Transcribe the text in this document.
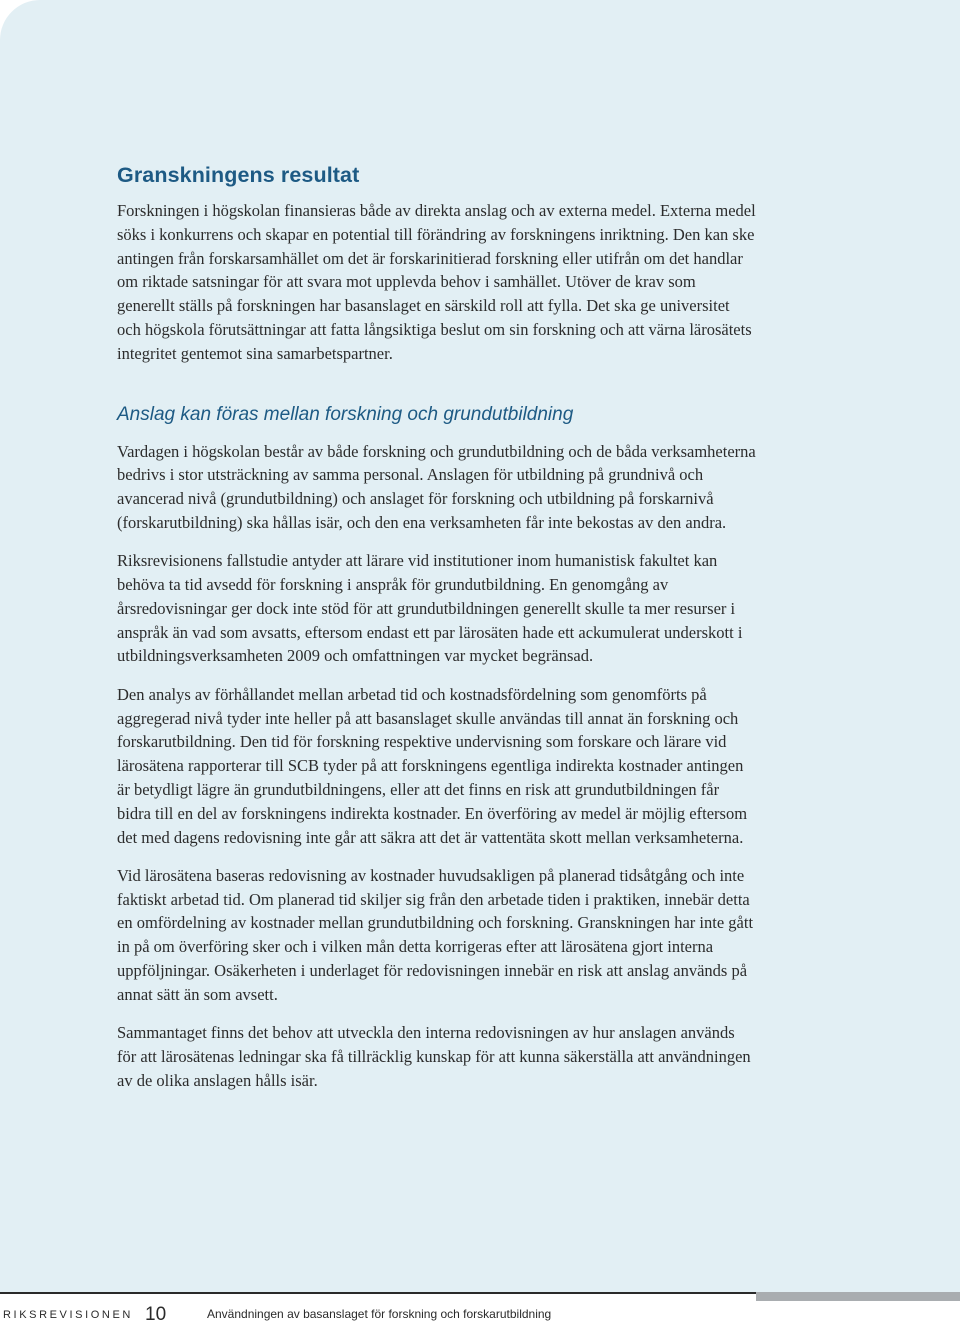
Granskningens resultat

Forskningen i högskolan finansieras både av direkta anslag och av externa medel. Externa medel söks i konkurrens och skapar en potential till förändring av forskningens inriktning. Den kan ske antingen från forskarsamhället om det är forskarinitierad forskning eller utifrån om det handlar om riktade satsningar för att svara mot upplevda behov i samhället. Utöver de krav som generellt ställs på forskningen har basanslaget en särskild roll att fylla. Det ska ge universitet och högskola förutsättningar att fatta långsiktiga beslut om sin forskning och att värna lärosätets integritet gentemot sina samarbetspartner.

Anslag kan föras mellan forskning och grundutbildning

Vardagen i högskolan består av både forskning och grundutbildning och de båda verksamheterna bedrivs i stor utsträckning av samma personal. Anslagen för utbildning på grundnivå och avancerad nivå (grundutbildning) och anslaget för forskning och utbildning på forskarnivå (forskarutbildning) ska hållas isär, och den ena verksamheten får inte bekostas av den andra.

Riksrevisionens fallstudie antyder att lärare vid institutioner inom humanistisk fakultet kan behöva ta tid avsedd för forskning i anspråk för grundutbildning. En genomgång av årsredovisningar ger dock inte stöd för att grundutbildningen generellt skulle ta mer resurser i anspråk än vad som avsatts, eftersom endast ett par lärosäten hade ett ackumulerat underskott i utbildningsverksamheten 2009 och omfattningen var mycket begränsad.

Den analys av förhållandet mellan arbetad tid och kostnadsfördelning som genomförts på aggregerad nivå tyder inte heller på att basanslaget skulle användas till annat än forskning och forskarutbildning. Den tid för forskning respektive undervisning som forskare och lärare vid lärosätena rapporterar till SCB tyder på att forskningens egentliga indirekta kostnader antingen är betydligt lägre än grundutbildningens, eller att det finns en risk att grundutbildningen får bidra till en del av forskningens indirekta kostnader. En överföring av medel är möjlig eftersom det med dagens redovisning inte går att säkra att det är vattentäta skott mellan verksamheterna.

Vid lärosätena baseras redovisning av kostnader huvudsakligen på planerad tidsåtgång och inte faktiskt arbetad tid. Om planerad tid skiljer sig från den arbetade tiden i praktiken, innebär detta en omfördelning av kostnader mellan grundutbildning och forskning. Granskningen har inte gått in på om överföring sker och i vilken mån detta korrigeras efter att lärosätena gjort interna uppföljningar. Osäkerheten i underlaget för redovisningen innebär en risk att anslag används på annat sätt än som avsett.

Sammantaget finns det behov att utveckla den interna redovisningen av hur anslagen används för att lärosätenas ledningar ska få tillräcklig kunskap för att kunna säkerställa att användningen av de olika anslagen hålls isär.

RIKSREVISIONEN 10	Användningen av basanslaget för forskning och forskarutbildning
